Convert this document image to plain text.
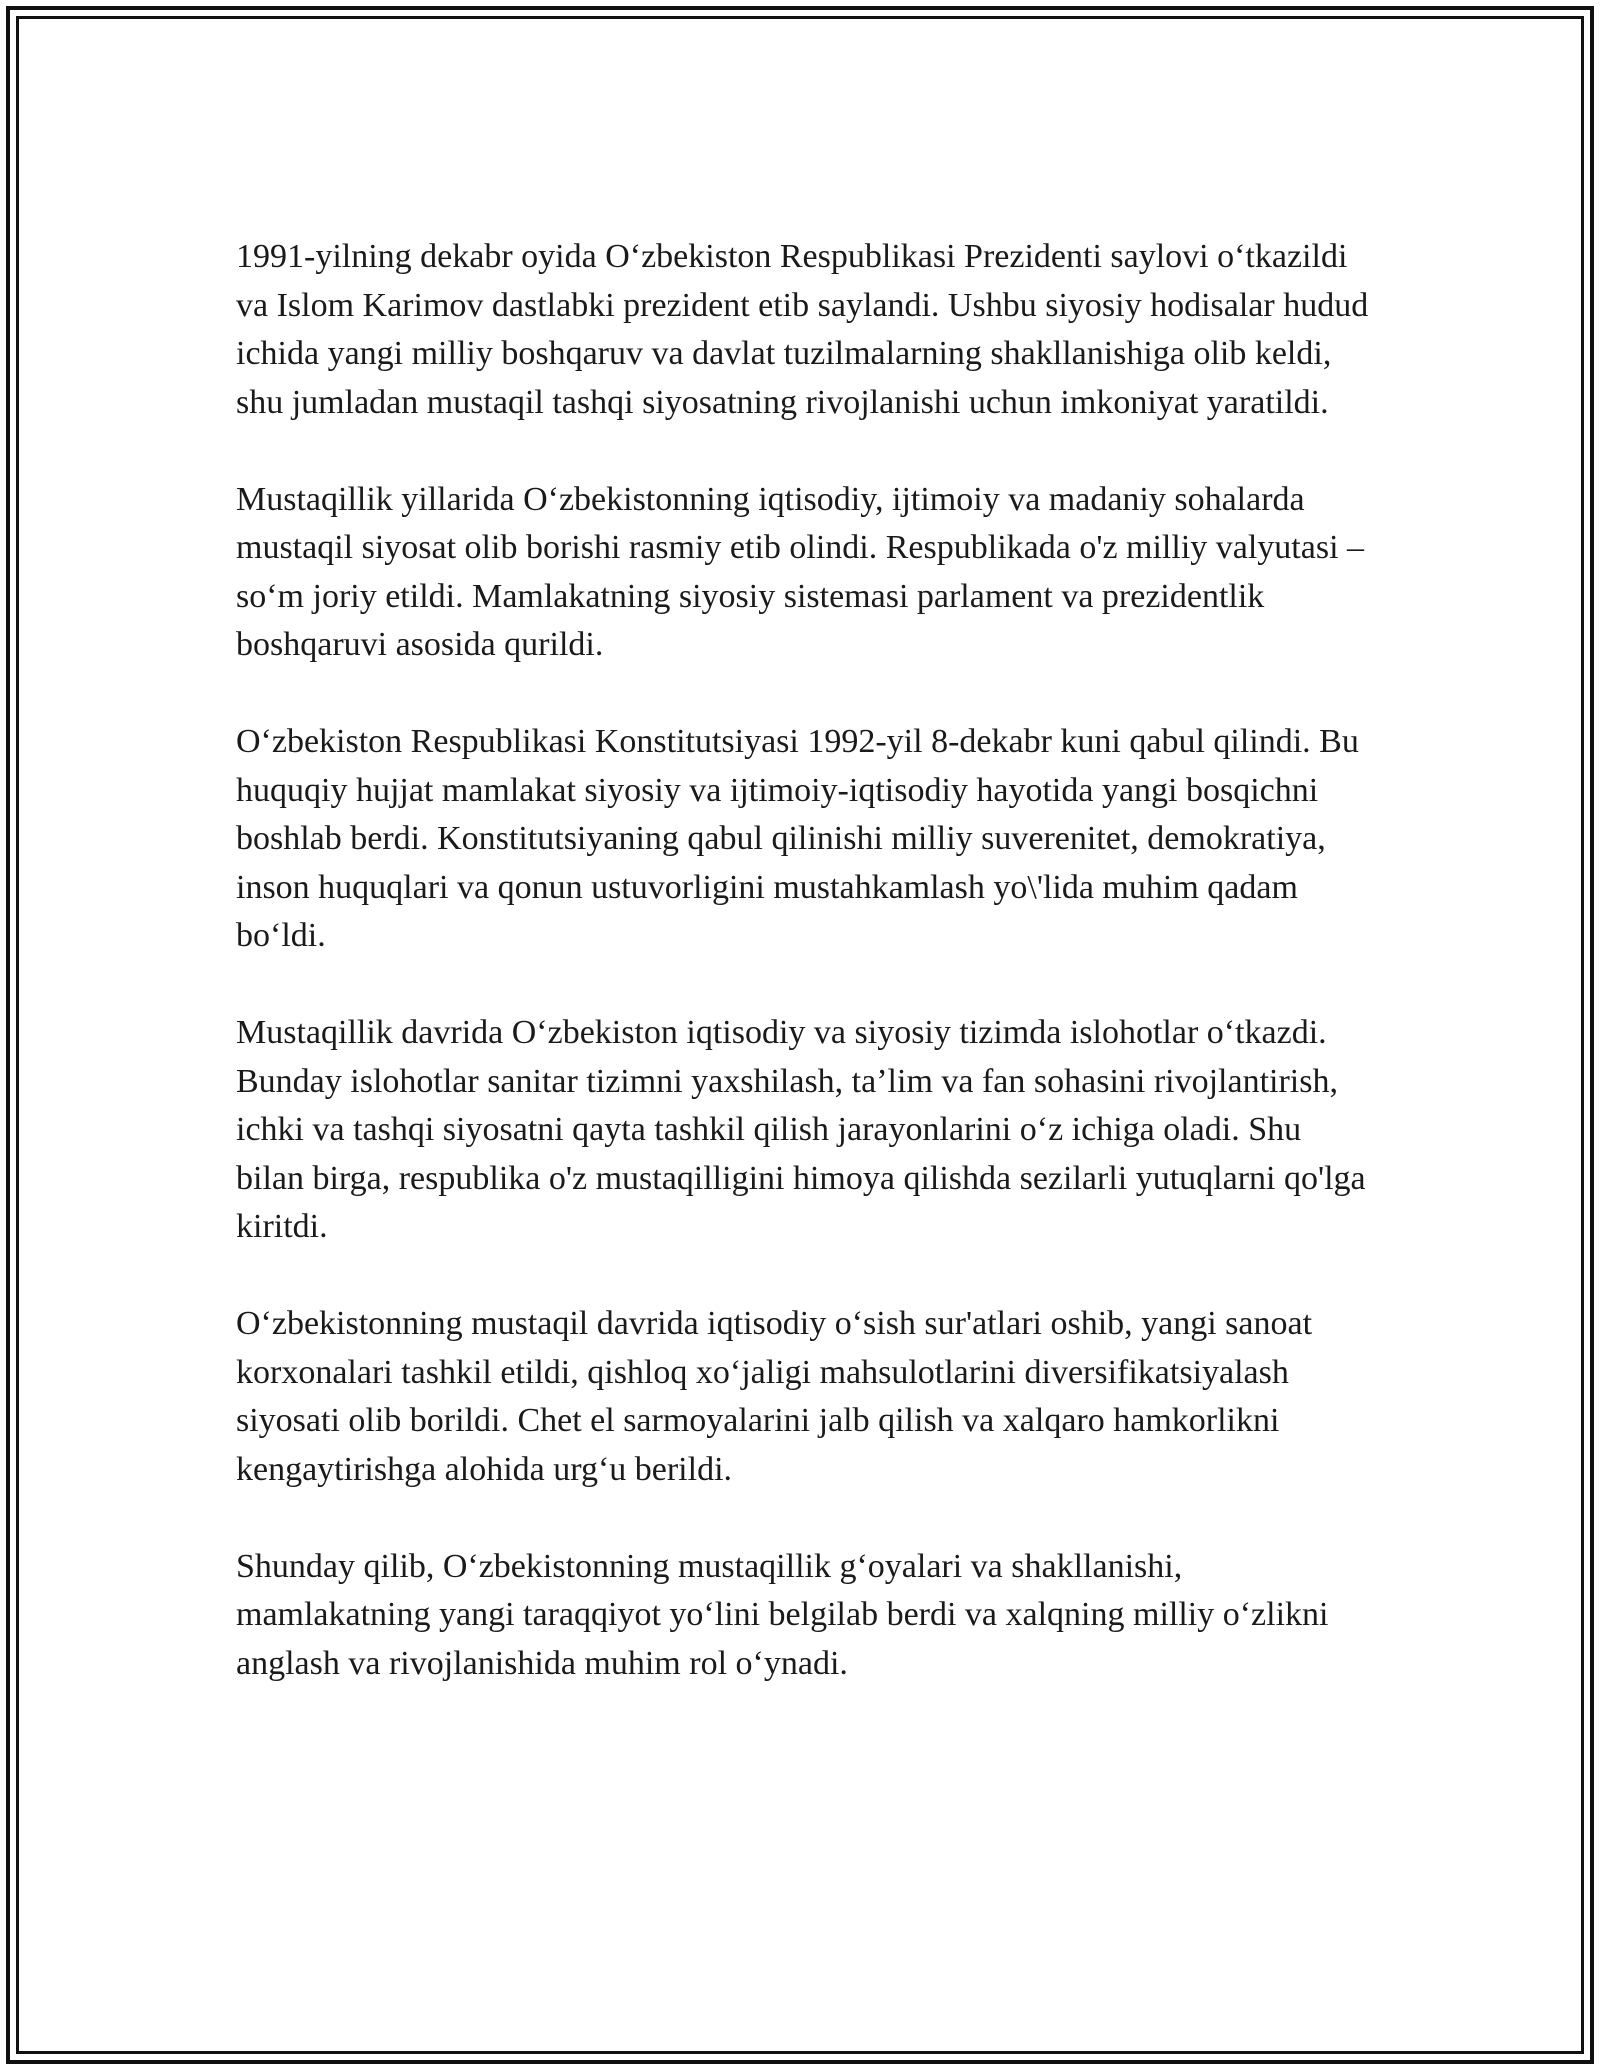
1991-yilning dekabr oyida O‘zbekiston Respublikasi Prezidenti saylovi o‘tkazildi va Islom Karimov dastlabki prezident etib saylandi. Ushbu siyosiy hodisalar hudud ichida yangi milliy boshqaruv va davlat tuzilmalarning shakllanishiga olib keldi, shu jumladan mustaqil tashqi siyosatning rivojlanishi uchun imkoniyat yaratildi.

Mustaqillik yillarida O‘zbekistonning iqtisodiy, ijtimoiy va madaniy sohalarda mustaqil siyosat olib borishi rasmiy etib olindi. Respublikada o'z milliy valyutasi – so‘m joriy etildi. Mamlakatning siyosiy sistemasi parlament va prezidentlik boshqaruvi asosida qurildi.

O‘zbekiston Respublikasi Konstitutsiyasi 1992-yil 8-dekabr kuni qabul qilindi. Bu huquqiy hujjat mamlakat siyosiy va ijtimoiy-iqtisodiy hayotida yangi bosqichni boshlab berdi. Konstitutsiyaning qabul qilinishi milliy suverenitet, demokratiya, inson huquqlari va qonun ustuvorligini mustahkamlash yo\'lida muhim qadam bo‘ldi.

Mustaqillik davrida O‘zbekiston iqtisodiy va siyosiy tizimda islohotlar o‘tkazdi. Bunday islohotlar sanitar tizimni yaxshilash, ta’lim va fan sohasini rivojlantirish, ichki va tashqi siyosatni qayta tashkil qilish jarayonlarini o‘z ichiga oladi. Shu bilan birga, respublika o'z mustaqilligini himoya qilishda sezilarli yutuqlarni qo'lga kiritdi.

O‘zbekistonning mustaqil davrida iqtisodiy o‘sish sur'atlari oshib, yangi sanoat korxonalari tashkil etildi, qishloq xo‘jaligi mahsulotlarini diversifikatsiyalash siyosati olib borildi. Chet el sarmoyalarini jalb qilish va xalqaro hamkorlikni kengaytirishga alohida urg‘u berildi.

Shunday qilib, O‘zbekistonning mustaqillik g‘oyalari va shakllanishi, mamlakatning yangi taraqqiyot yo‘lini belgilab berdi va xalqning milliy o‘zlikni anglash va rivojlanishida muhim rol o‘ynadi.
